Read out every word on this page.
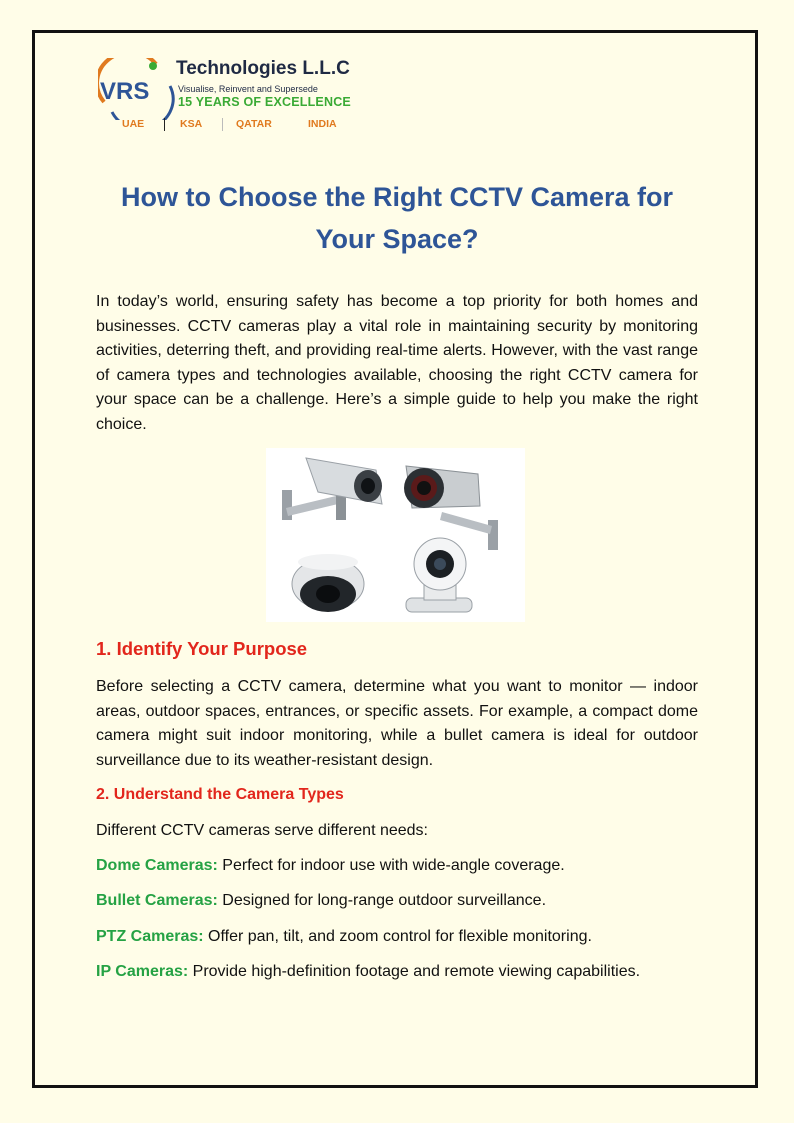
VRS
Technologies L.L.C
Visualise, Reinvent and Supersede
15 YEARS OF EXCELLENCE
UAE	KSA	QATAR	INDIA
How to Choose the Right CCTV Camera for Your Space?

In today’s world, ensuring safety has become a top priority for both homes and businesses. CCTV cameras play a vital role in maintaining security by monitoring activities, deterring theft, and providing real-time alerts. However, with the vast range of camera types and technologies available, choosing the right CCTV camera for your space can be a challenge. Here’s a simple guide to help you make the right choice.

1. Identify Your Purpose

Before selecting a CCTV camera, determine what you want to monitor — indoor areas, outdoor spaces, entrances, or specific assets. For example, a compact dome camera might suit indoor monitoring, while a bullet camera is ideal for outdoor surveillance due to its weather-resistant design.

2. Understand the Camera Types

Different CCTV cameras serve different needs:

Dome Cameras: Perfect for indoor use with wide-angle coverage.

Bullet Cameras: Designed for long-range outdoor surveillance.

PTZ Cameras: Offer pan, tilt, and zoom control for flexible monitoring.

IP Cameras: Provide high-definition footage and remote viewing capabilities.
